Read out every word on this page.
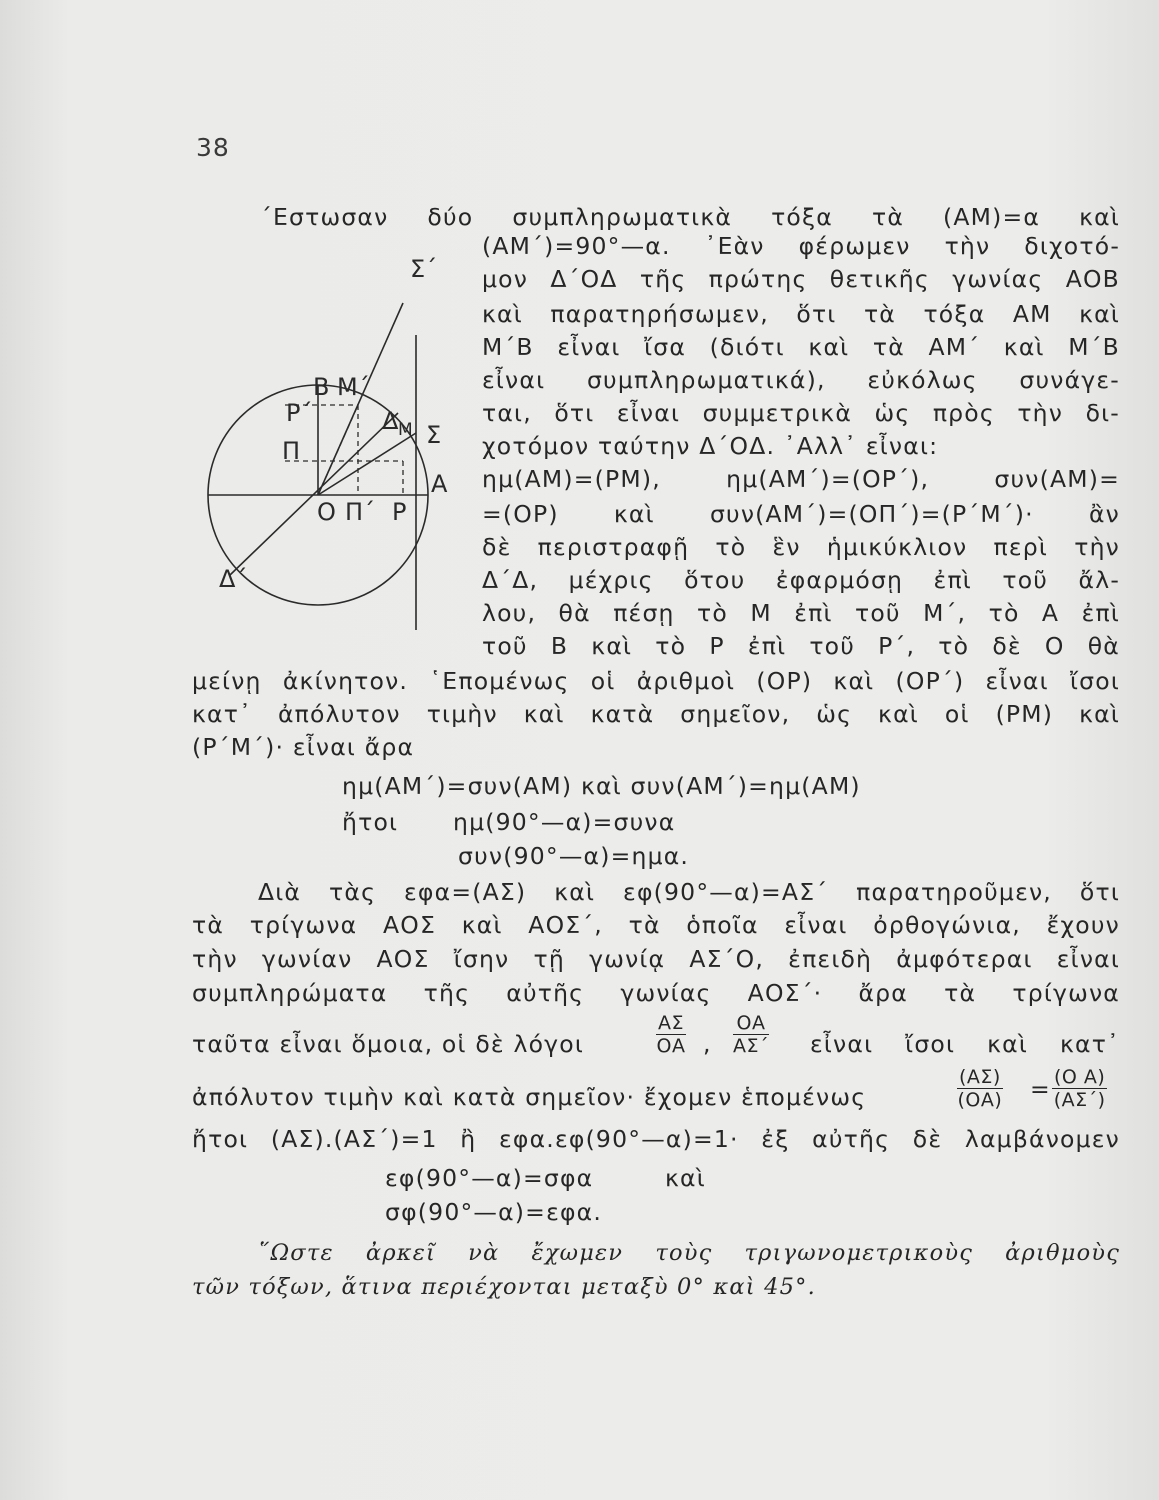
38
Σ΄
Β Μ΄
Ρ΄	Δ Μ Σ
Π
Α
Ο Π΄ Ρ
Δ΄
΄Εστωσαν δύο συμπληρωματικὰ τόξα τὰ (ΑΜ)=α καὶ
(ΑΜ΄)=90°—α. ᾽Εὰν φέρωμεν τὴν διχοτό-
μον Δ΄ΟΔ τῆς πρώτης θετικῆς γωνίας ΑΟΒ
καὶ παρατηρήσωμεν, ὅτι τὰ τόξα ΑΜ καὶ
Μ΄Β εἶναι ἴσα (διότι καὶ τὰ ΑΜ΄ καὶ Μ΄Β
εἶναι συμπληρωματικά), εὐκόλως συνάγε-
ται, ὅτι εἶναι συμμετρικὰ ὡς πρὸς τὴν δι-
χοτόμον ταύτην Δ΄ΟΔ. ᾽Αλλ᾽ εἶναι:
ημ(ΑΜ)=(ΡΜ), ημ(ΑΜ΄)=(ΟΡ΄), συν(ΑΜ)=
=(ΟΡ) καὶ συν(ΑΜ΄)=(ΟΠ΄)=(Ρ΄Μ΄)· ἂν
δὲ περιστραφῇ τὸ ἓν ἡμικύκλιον περὶ τὴν
Δ΄Δ, μέχρις ὅτου ἐφαρμόσῃ ἐπὶ τοῦ ἄλ-
λου, θὰ πέσῃ τὸ Μ ἐπὶ τοῦ Μ΄, τὸ Α ἐπὶ
τοῦ Β καὶ τὸ Ρ ἐπὶ τοῦ Ρ΄, τὸ δὲ Ο θὰ
μείνῃ ἀκίνητον. ῾Επομένως οἱ ἀριθμοὶ (ΟΡ) καὶ (ΟΡ΄) εἶναι ἴσοι
κατ᾽ ἀπόλυτον τιμὴν καὶ κατὰ σημεῖον, ὡς καὶ οἱ (ΡΜ) καὶ
(Ρ΄Μ΄)· εἶναι ἄρα
ημ(ΑΜ΄)=συν(ΑΜ) καὶ συν(ΑΜ΄)=ημ(ΑΜ)
ἤτοι ημ(90°—α)=συνα
συν(90°—α)=ημα.
Διὰ τὰς εφα=(ΑΣ) καὶ εφ(90°—α)=ΑΣ΄ παρατηροῦμεν, ὅτι
τὰ τρίγωνα ΑΟΣ καὶ ΑΟΣ΄, τὰ ὁποῖα εἶναι ὀρθογώνια, ἔχουν
τὴν γωνίαν ΑΟΣ ἴσην τῇ γωνίᾳ ΑΣ΄Ο, ἐπειδὴ ἀμφότεραι εἶναι
συμπληρώματα τῆς αὐτῆς γωνίας ΑΟΣ΄· ἄρα τὰ τρίγωνα
ταῦτα εἶναι ὅμοια, οἱ δὲ λόγοι	$\frac{A\Sigma}{OA}$ , $\frac{OA}{A\Sigma΄}$ εἶναι ἴσοι καὶ κατ᾽
ἀπόλυτον τιμὴν καὶ κατὰ σημεῖον· ἔχομεν ἑπομένως	$\frac{(A\Sigma)}{(OA)} = \frac{\text{(Ο Α)}}{(A\Sigma΄)}$
ἤτοι (ΑΣ).(ΑΣ΄)=1 ἢ εφα.εφ(90°—α)=1· ἐξ αὐτῆς δὲ λαμβάνομεν
εφ(90°—α)=σφα	καὶ
σφ(90°—α)=εφα.
῞Ωστε ἀρκεῖ νὰ ἔχωμεν τοὺς τριγωνομετρικοὺς ἀριθμοὺς
τῶν τόξων, ἅτινα περιέχονται μεταξὺ 0° καὶ 45°.
